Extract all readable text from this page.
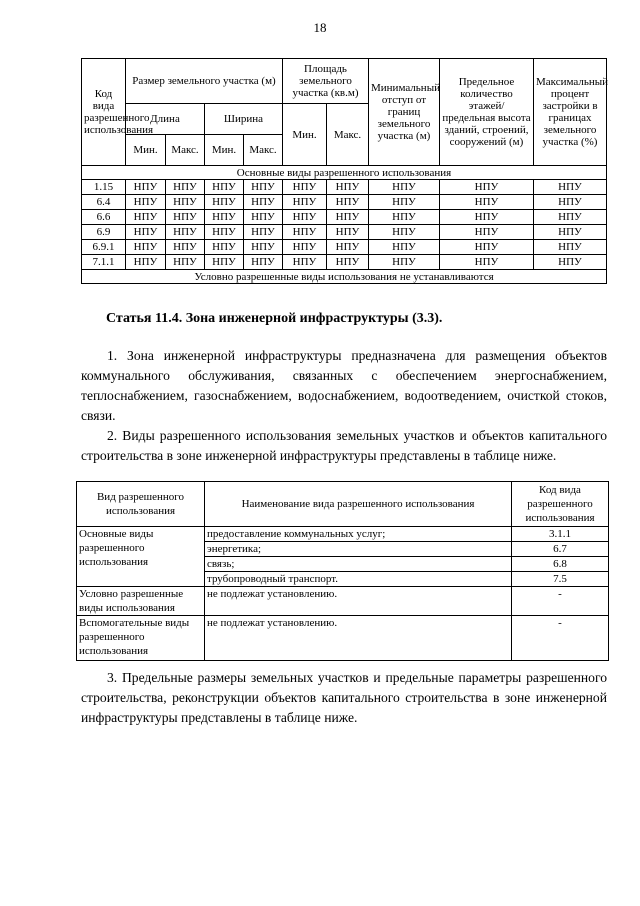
18
Код вида разрешенного использования	Размер земельного участка (м)				Площадь земельного участка (кв.м)		Минимальный отступ от границ земельного участка (м)	Предельное количество этажей/ предельная высота зданий, строений, сооружений (м)	Максимальный процент застройки в границах земельного участка (%)
	Длина		Ширина		Мин.	Макс.			
	Мин.	Макс.	Мин.	Макс.					
Основные виды разрешенного использования									
1.15	НПУ	НПУ	НПУ	НПУ	НПУ	НПУ	НПУ	НПУ	НПУ
6.4	НПУ	НПУ	НПУ	НПУ	НПУ	НПУ	НПУ	НПУ	НПУ
6.6	НПУ	НПУ	НПУ	НПУ	НПУ	НПУ	НПУ	НПУ	НПУ
6.9	НПУ	НПУ	НПУ	НПУ	НПУ	НПУ	НПУ	НПУ	НПУ
6.9.1	НПУ	НПУ	НПУ	НПУ	НПУ	НПУ	НПУ	НПУ	НПУ
7.1.1	НПУ	НПУ	НПУ	НПУ	НПУ	НПУ	НПУ	НПУ	НПУ
Условно разрешенные виды использования не устанавливаются									
Статья 11.4. Зона инженерной инфраструктуры (3.3).
1. Зона инженерной инфраструктуры предназначена для размещения объектов коммунального обслуживания, связанных с обеспечением энергоснабжением, теплоснабжением, газоснабжением, водоснабжением, водоотведением, очисткой стоков, связи.
2. Виды разрешенного использования земельных участков и объектов капитального строительства в зоне инженерной инфраструктуры представлены в таблице ниже.
Вид разрешенного использования	Наименование вида разрешенного использования	Код вида разрешенного использования
Основные виды разрешенного использования	предоставление коммунальных услуг;	3.1.1
	энергетика;	6.7
	связь;	6.8
	трубопроводный транспорт.	7.5
Условно разрешенные виды использования	не подлежат установлению.	-
Вспомогательные виды разрешенного использования	не подлежат установлению.	-
3. Предельные размеры земельных участков и предельные параметры разрешенного строительства, реконструкции объектов капитального строительства в зоне инженерной инфраструктуры представлены в таблице ниже.
